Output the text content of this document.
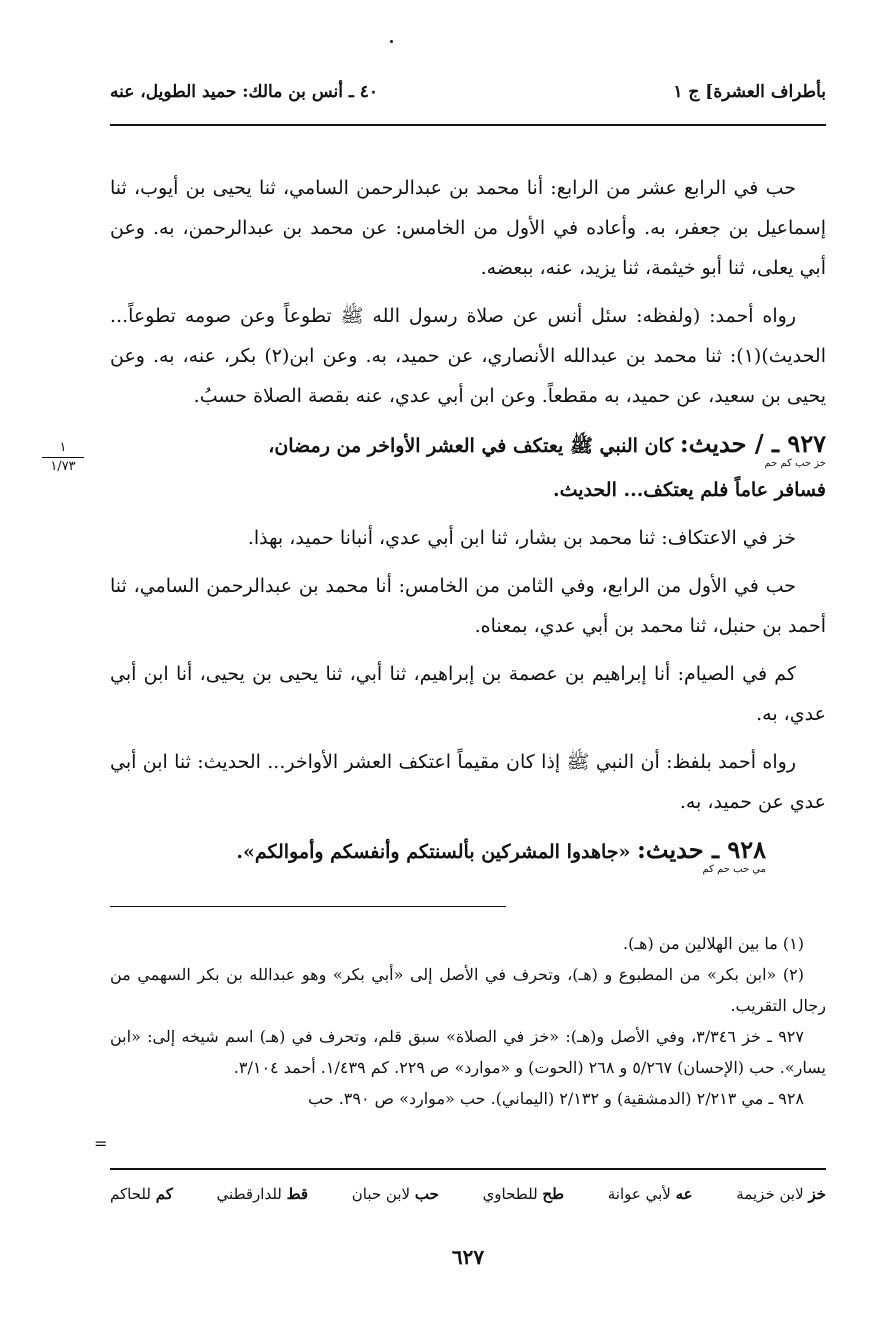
بأطراف العشرة] ج ١
٤٠ ـ أنس بن مالك: حميد الطويل، عنه
١
١/٧٣

حب في الرابع عشر من الرابع: أنا محمد بن عبدالرحمن السامي، ثنا يحيى بن أيوب، ثنا إسماعيل بن جعفر، به. وأعاده في الأول من الخامس: عن محمد بن عبدالرحمن، به. وعن أبي يعلى، ثنا أبو خيثمة، ثنا يزيد، عنه، ببعضه.

رواه أحمد: (ولفظه: سئل أنس عن صلاة رسول الله ﷺ تطوعاً وعن صومه تطوعاً... الحديث)(١): ثنا محمد بن عبدالله الأنصاري، عن حميد، به. وعن ابن(٢) بكر، عنه، به. وعن يحيى بن سعيد، عن حميد، به مقطعاً. وعن ابن أبي عدي، عنه بقصة الصلاة حسبُ.

٩٢٧ ـ / حديث: كان النبي ﷺ يعتكف في العشر الأواخر من رمضان،

خز حب كم حم

فسافر عاماً فلم يعتكف... الحديث.

خز في الاعتكاف: ثنا محمد بن بشار، ثنا ابن أبي عدي، أنبانا حميد، بهذا.

حب في الأول من الرابع، وفي الثامن من الخامس: أنا محمد بن عبدالرحمن السامي، ثنا أحمد بن حنبل، ثنا محمد بن أبي عدي، بمعناه.

كم في الصيام: أنا إبراهيم بن عصمة بن إبراهيم، ثنا أبي، ثنا يحيى بن يحيى، أنا ابن أبي عدي، به.

رواه أحمد بلفظ: أن النبي ﷺ إذا كان مقيماً اعتكف العشر الأواخر... الحديث: ثنا ابن أبي عدي عن حميد، به.

٩٢٨ ـ حديث: «جاهدوا المشركين بألسنتكم وأنفسكم وأموالكم».

مي حب حم كم

(١) ما بين الهلالين من (هـ).

(٢) «ابن بكر» من المطبوع و (هـ)، وتحرف في الأصل إلى «أبي بكر» وهو عبدالله بن بكر السهمي من رجال التقريب.

٩٢٧ ـ خز ٣/٣٤٦، وفي الأصل و(هـ): «خز في الصلاة» سبق قلم، وتحرف في (هـ) اسم شيخه إلى: «ابن يسار». حب (الإحسان) ٥/٢٦٧ و ٢٦٨ (الحوت) و «موارد» ص ٢٢٩. كم ١/٤٣٩. أحمد ٣/١٠٤.

٩٢٨ ـ مي ٢/٢١٣ (الدمشقية) و ٢/١٣٢ (اليماني). حب «موارد» ص ٣٩٠. حب

=
خز لابن خزيمة
عه لأبي عوانة
طح للطحاوي
حب لابن حبان
قط للدارقطني
كم للحاكم
٦٢٧
